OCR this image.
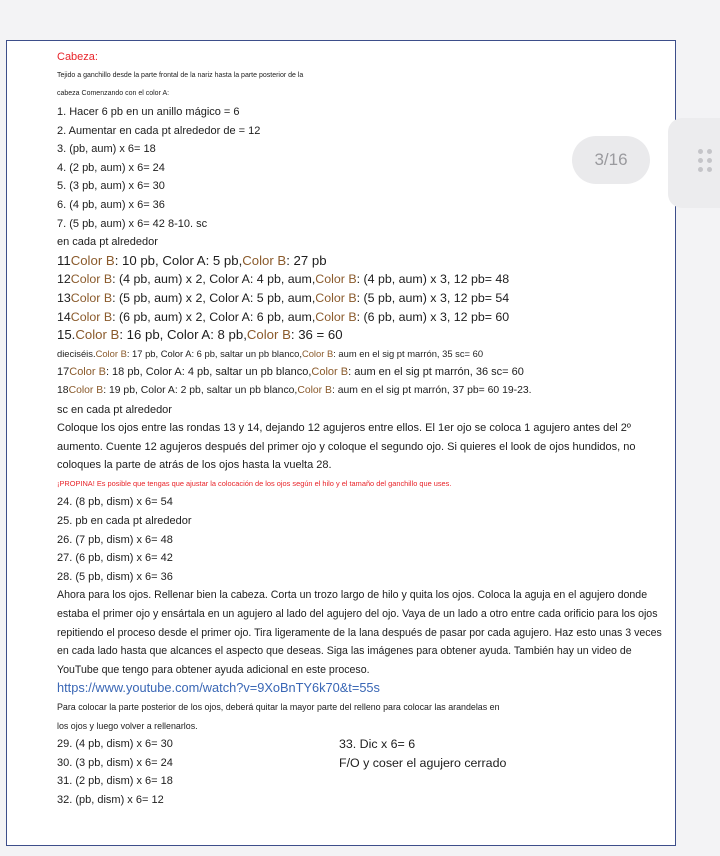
Cabeza:

Tejido a ganchillo desde la parte frontal de la nariz hasta la parte posterior de la

cabeza Comenzando con el color A:

1. Hacer 6 pb en un anillo mágico = 6

2. Aumentar en cada pt alrededor de = 12

3. (pb, aum) x 6= 18

4. (2 pb, aum) x 6= 24

5. (3 pb, aum) x 6= 30

6. (4 pb, aum) x 6= 36

7. (5 pb, aum) x 6= 42 8-10. sc

en cada pt alrededor

11Color B: 10 pb, Color A: 5 pb,Color B: 27 pb

12Color B: (4 pb, aum) x 2, Color A: 4 pb, aum,Color B: (4 pb, aum) x 3, 12 pb= 48

13Color B: (5 pb, aum) x 2, Color A: 5 pb, aum,Color B: (5 pb, aum) x 3, 12 pb= 54

14Color B: (6 pb, aum) x 2, Color A: 6 pb, aum,Color B: (6 pb, aum) x 3, 12 pb= 60

15.Color B: 16 pb, Color A: 8 pb,Color B: 36 = 60

dieciséis.Color B: 17 pb, Color A: 6 pb, saltar un pb blanco,Color B: aum en el sig pt marrón, 35 sc= 60

17Color B: 18 pb, Color A: 4 pb, saltar un pb blanco,Color B: aum en el sig pt marrón, 36 sc= 60

18Color B: 19 pb, Color A: 2 pb, saltar un pb blanco,Color B: aum en el sig pt marrón, 37 pb= 60 19-23.

sc en cada pt alrededor

Coloque los ojos entre las rondas 13 y 14, dejando 12 agujeros entre ellos. El 1er ojo se coloca 1 agujero antes del 2º aumento. Cuente 12 agujeros después del primer ojo y coloque el segundo ojo. Si quieres el look de ojos hundidos, no coloques la parte de atrás de los ojos hasta la vuelta 28.

¡PROPINA! Es posible que tengas que ajustar la colocación de los ojos según el hilo y el tamaño del ganchillo que uses.

24. (8 pb, dism) x 6= 54

25. pb en cada pt alrededor

26. (7 pb, dism) x 6= 48

27. (6 pb, dism) x 6= 42

28. (5 pb, dism) x 6= 36

Ahora para los ojos. Rellenar bien la cabeza. Corta un trozo largo de hilo y quita los ojos. Coloca la aguja en el agujero donde estaba el primer ojo y ensártala en un agujero al lado del agujero del ojo. Vaya de un lado a otro entre cada orificio para los ojos repitiendo el proceso desde el primer ojo. Tira ligeramente de la lana después de pasar por cada agujero. Haz esto unas 3 veces en cada lado hasta que alcances el aspecto que deseas. Siga las imágenes para obtener ayuda. También hay un video de YouTube que tengo para obtener ayuda adicional en este proceso.

https://www.youtube.com/watch?v=9XoBnTY6k70&t=55s

Para colocar la parte posterior de los ojos, deberá quitar la mayor parte del relleno para colocar las arandelas en

los ojos y luego volver a rellenarlos.

29. (4 pb, dism) x 6= 30

30. (3 pb, dism) x 6= 24

31. (2 pb, dism) x 6= 18

32. (pb, dism) x 6= 12

33. Dic x 6= 6

F/O y coser el agujero cerrado

3/16
